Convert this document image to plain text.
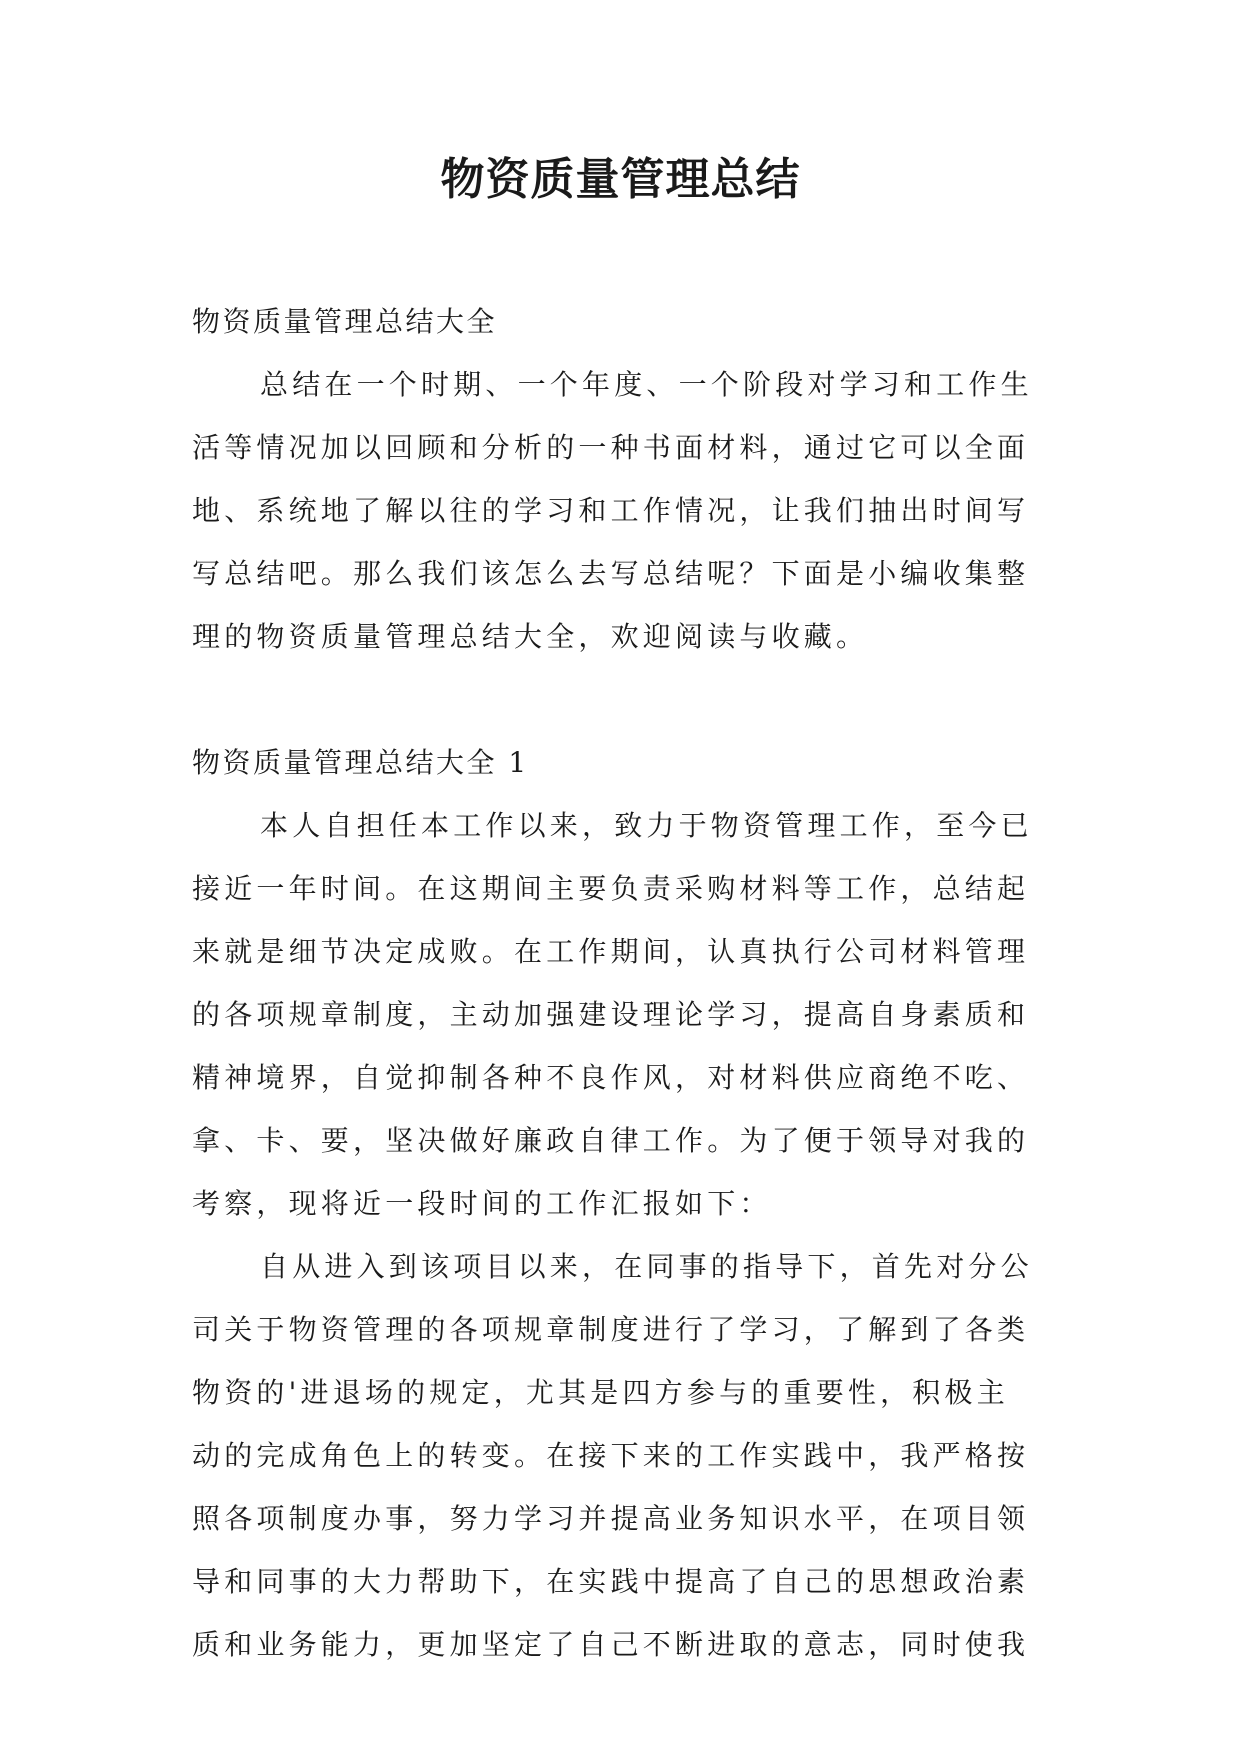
物资质量管理总结
物资质量管理总结大全
总结在一个时期、一个年度、一个阶段对学习和工作生
活等情况加以回顾和分析的一种书面材料，通过它可以全面
地、系统地了解以往的学习和工作情况，让我们抽出时间写
写总结吧。那么我们该怎么去写总结呢？下面是小编收集整
理的物资质量管理总结大全，欢迎阅读与收藏。
物资质量管理总结大全 1
本人自担任本工作以来，致力于物资管理工作，至今已
接近一年时间。在这期间主要负责采购材料等工作，总结起
来就是细节决定成败。在工作期间，认真执行公司材料管理
的各项规章制度，主动加强建设理论学习，提高自身素质和
精神境界，自觉抑制各种不良作风，对材料供应商绝不吃、
拿、卡、要，坚决做好廉政自律工作。为了便于领导对我的
考察，现将近一段时间的工作汇报如下：
自从进入到该项目以来，在同事的指导下，首先对分公
司关于物资管理的各项规章制度进行了学习，了解到了各类
物资的'进退场的规定，尤其是四方参与的重要性，积极主
动的完成角色上的转变。在接下来的工作实践中，我严格按
照各项制度办事，努力学习并提高业务知识水平，在项目领
导和同事的大力帮助下，在实践中提高了自己的思想政治素
质和业务能力，更加坚定了自己不断进取的意志，同时使我
